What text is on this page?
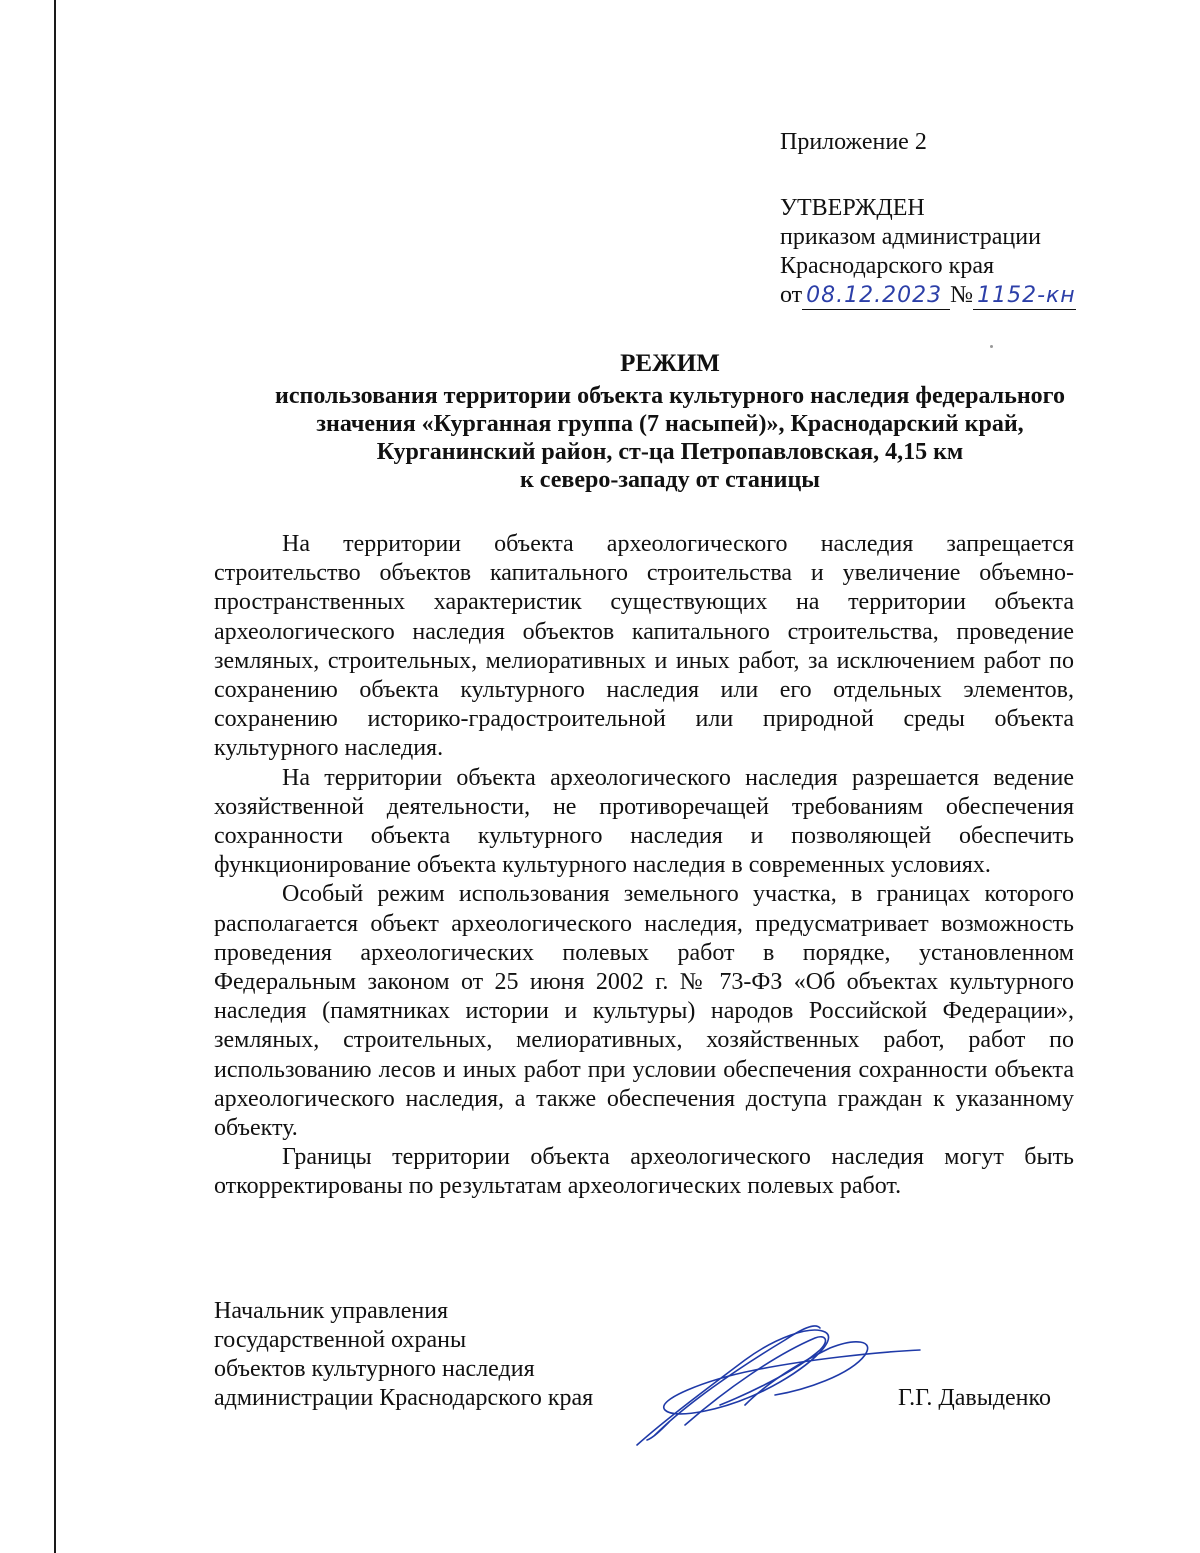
Приложение 2
УТВЕРЖДЕН
приказом администрации
Краснодарского края
от 08.12.2023 № 1152-кн
РЕЖИМ
использования территории объекта культурного наследия федерального
значения «Курганная группа (7 насыпей)», Краснодарский край,
Курганинский район, ст-ца Петропавловская, 4,15 км
к северо-западу от станицы

На территории объекта археологического наследия запрещается строительство объектов капитального строительства и увеличение объемно-пространственных характеристик существующих на территории объекта археологического наследия объектов капитального строительства, проведение земляных, строительных, мелиоративных и иных работ, за исключением работ по сохранению объекта культурного наследия или его отдельных элементов, сохранению историко-градостроительной или природной среды объекта культурного наследия.

На территории объекта археологического наследия разрешается ведение хозяйственной деятельности, не противоречащей требованиям обеспечения сохранности объекта культурного наследия и позволяющей обеспечить функционирование объекта культурного наследия в современных условиях.

Особый режим использования земельного участка, в границах которого располагается объект археологического наследия, предусматривает возможность проведения археологических полевых работ в порядке, установленном Федеральным законом от 25 июня 2002 г. № 73-ФЗ «Об объектах культурного наследия (памятниках истории и культуры) народов Российской Федерации», земляных, строительных, мелиоративных, хозяйственных работ, работ по использованию лесов и иных работ при условии обеспечения сохранности объекта археологического наследия, а также обеспечения доступа граждан к указанному объекту.

Границы территории объекта археологического наследия могут быть откорректированы по результатам археологических полевых работ.

Начальник управления
государственной охраны
объектов культурного наследия
администрации Краснодарского края	Г.Г. Давыденко
